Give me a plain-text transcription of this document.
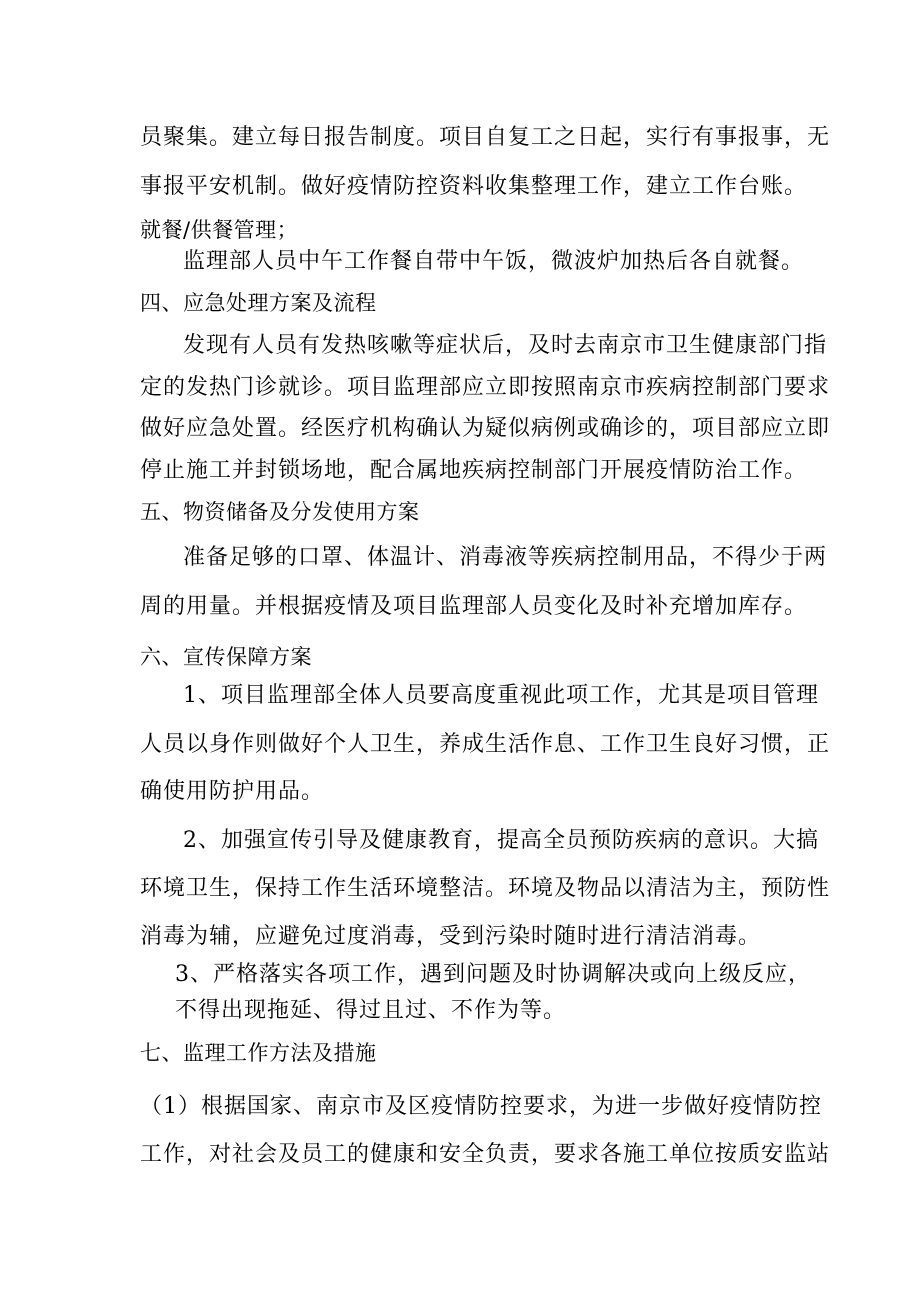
员聚集。建立每日报告制度。项目自复工之日起，实行有事报事，无
事报平安机制。做好疫情防控资料收集整理工作，建立工作台账。
就餐/供餐管理；
监理部人员中午工作餐自带中午饭，微波炉加热后各自就餐。
四、应急处理方案及流程
发现有人员有发热咳嗽等症状后，及时去南京市卫生健康部门指
定的发热门诊就诊。项目监理部应立即按照南京市疾病控制部门要求
做好应急处置。经医疗机构确认为疑似病例或确诊的，项目部应立即
停止施工并封锁场地，配合属地疾病控制部门开展疫情防治工作。
五、物资储备及分发使用方案
准备足够的口罩、体温计、消毒液等疾病控制用品，不得少于两
周的用量。并根据疫情及项目监理部人员变化及时补充增加库存。
六、宣传保障方案
1、项目监理部全体人员要高度重视此项工作，尤其是项目管理
人员以身作则做好个人卫生，养成生活作息、工作卫生良好习惯，正
确使用防护用品。
2、加强宣传引导及健康教育，提高全员预防疾病的意识。大搞
环境卫生，保持工作生活环境整洁。环境及物品以清洁为主，预防性
消毒为辅，应避免过度消毒，受到污染时随时进行清洁消毒。
3、严格落实各项工作，遇到问题及时协调解决或向上级反应，
不得出现拖延、得过且过、不作为等。
七、监理工作方法及措施
（1）根据国家、南京市及区疫情防控要求，为进一步做好疫情防控
工作，对社会及员工的健康和安全负责，要求各施工单位按质安监站
